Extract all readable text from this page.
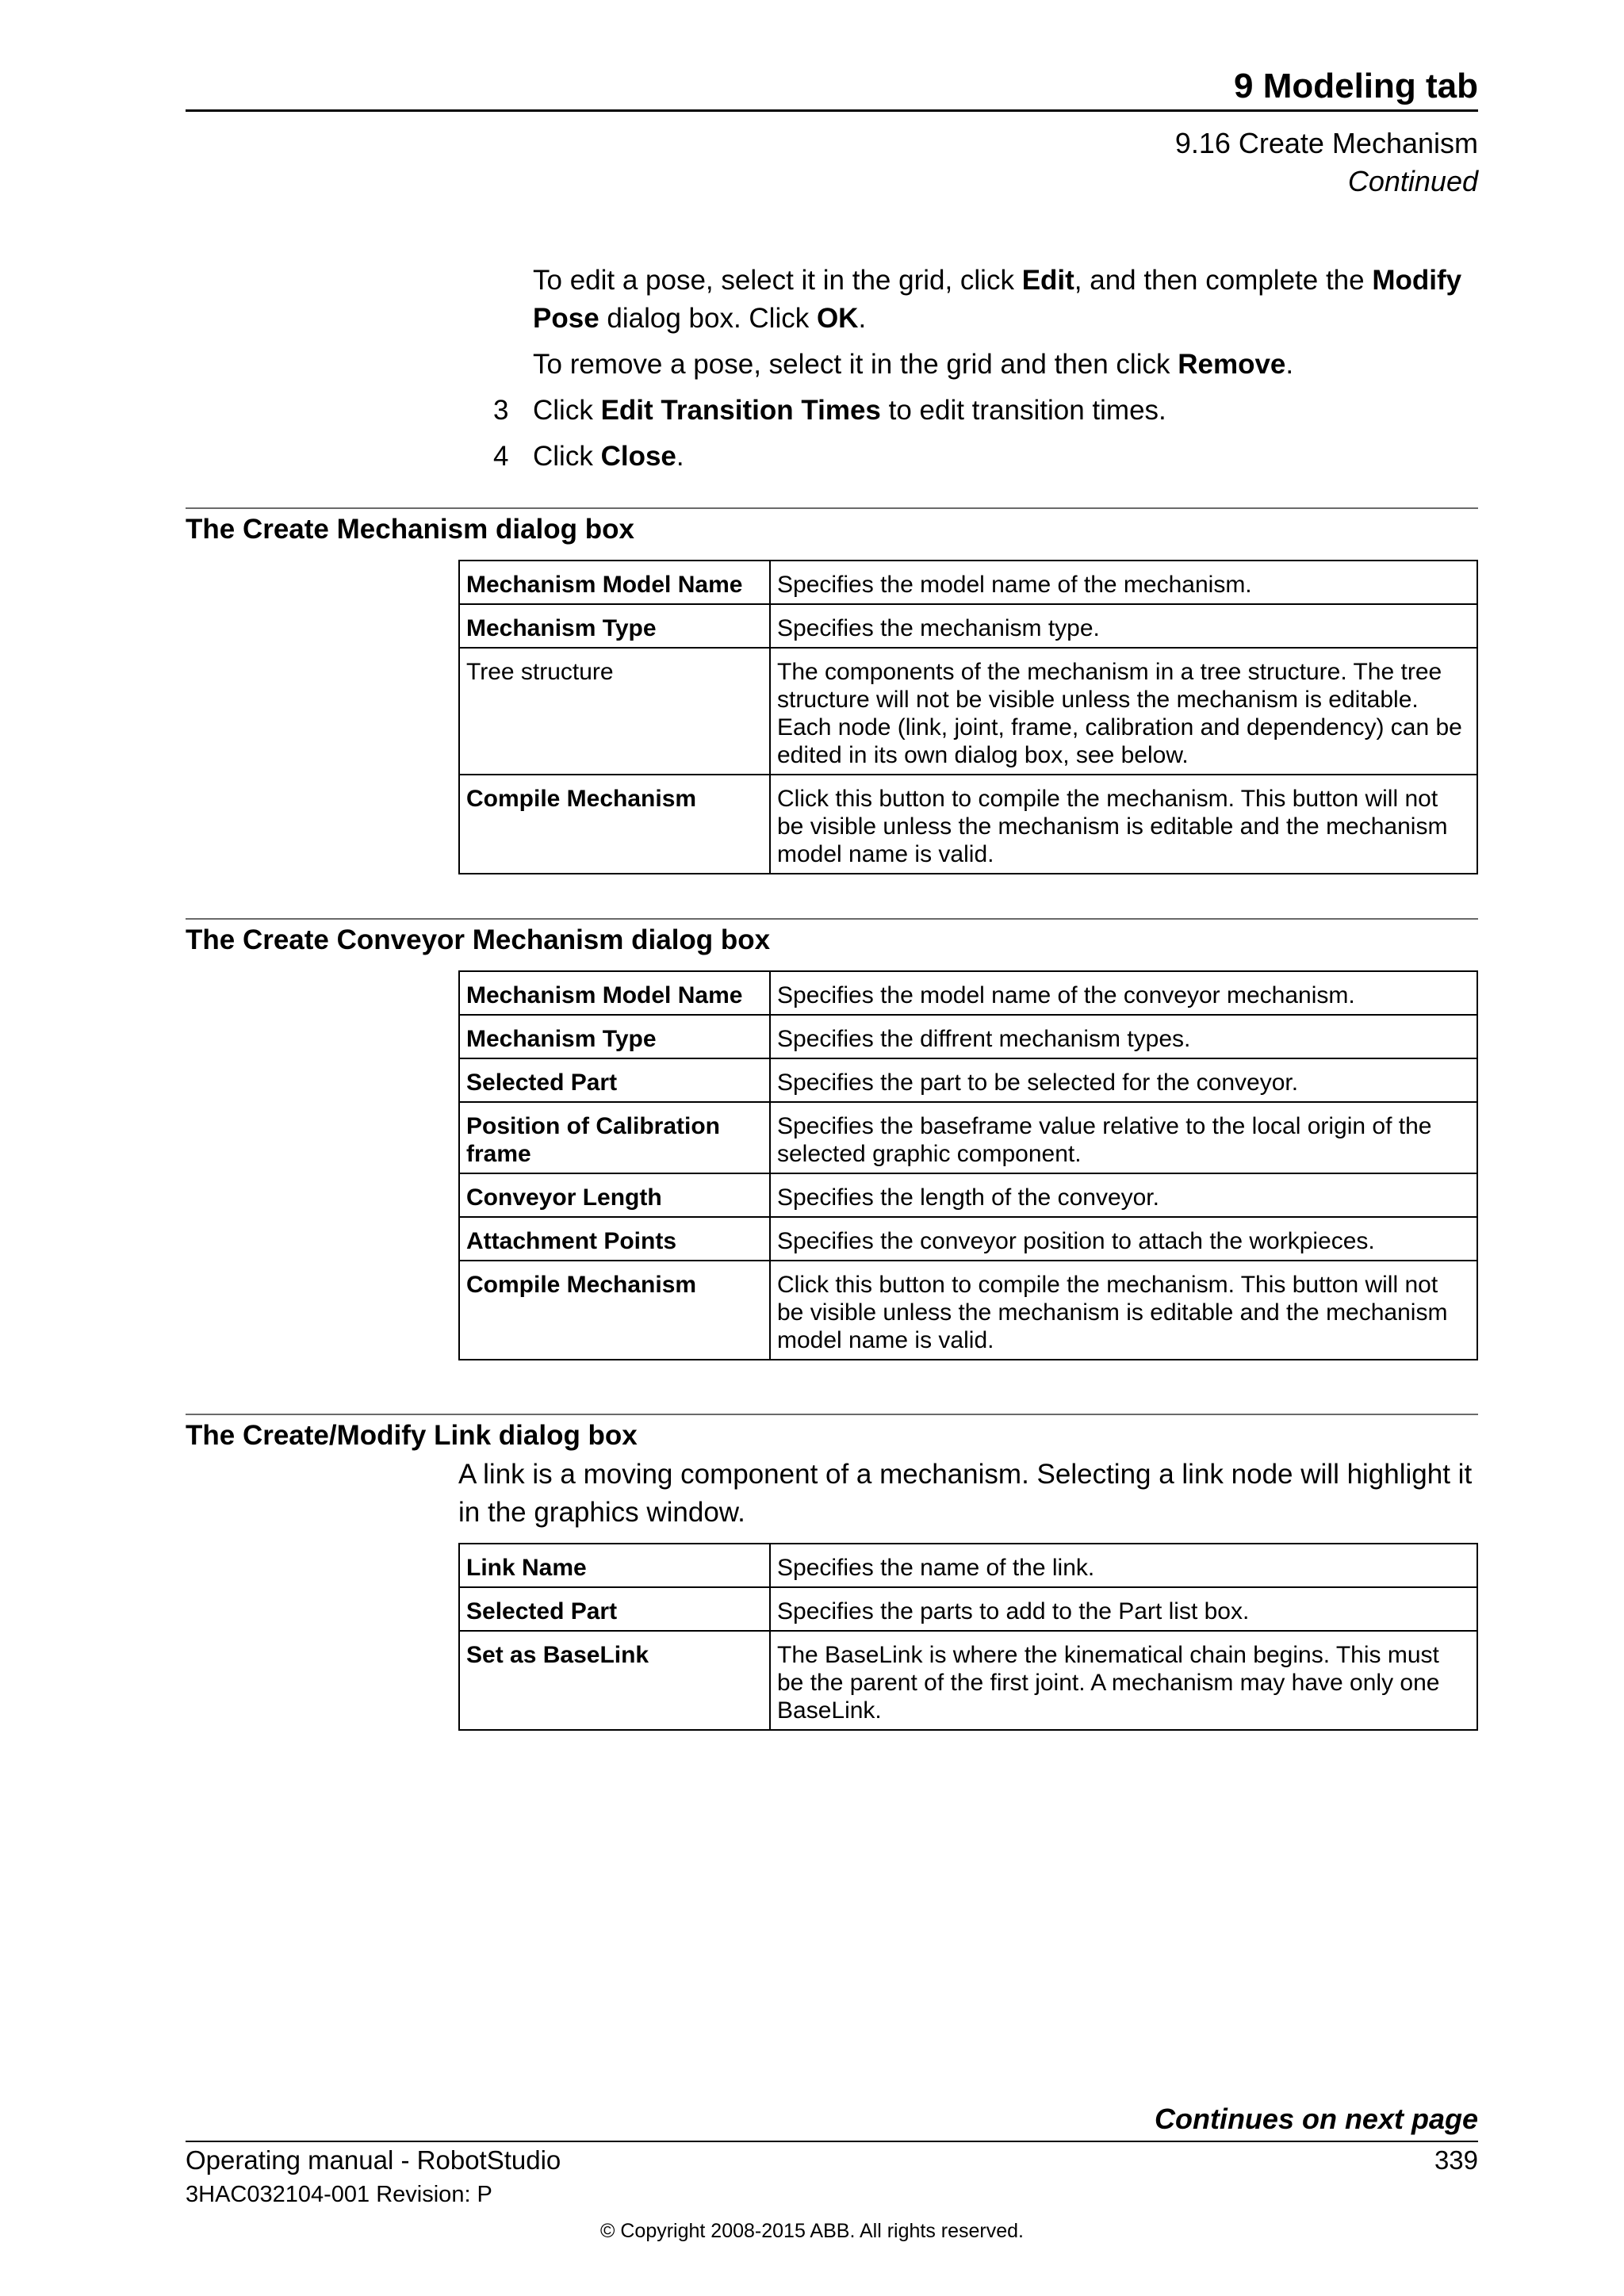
9 Modeling tab
9.16 Create Mechanism
Continued
To edit a pose, select it in the grid, click Edit, and then complete the Modify Pose dialog box. Click OK.
To remove a pose, select it in the grid and then click Remove.
3 Click Edit Transition Times to edit transition times.
4 Click Close.
The Create Mechanism dialog box
Mechanism Model Name	Specifies the model name of the mechanism.
Mechanism Type	Specifies the mechanism type.
Tree structure	The components of the mechanism in a tree structure. The tree structure will not be visible unless the mechanism is editable. Each node (link, joint, frame, calibration and dependency) can be edited in its own dialog box, see below.
Compile Mechanism	Click this button to compile the mechanism. This button will not be visible unless the mechanism is editable and the mechanism model name is valid.
The Create Conveyor Mechanism dialog box
Mechanism Model Name	Specifies the model name of the conveyor mechanism.
Mechanism Type	Specifies the diffrent mechanism types.
Selected Part	Specifies the part to be selected for the conveyor.
Position of Calibration frame	Specifies the baseframe value relative to the local origin of the selected graphic component.
Conveyor Length	Specifies the length of the conveyor.
Attachment Points	Specifies the conveyor position to attach the workpieces.
Compile Mechanism	Click this button to compile the mechanism. This button will not be visible unless the mechanism is editable and the mechanism model name is valid.
The Create/Modify Link dialog box
A link is a moving component of a mechanism. Selecting a link node will highlight it in the graphics window.
Link Name	Specifies the name of the link.
Selected Part	Specifies the parts to add to the Part list box.
Set as BaseLink	The BaseLink is where the kinematical chain begins. This must be the parent of the first joint. A mechanism may have only one BaseLink.
Continues on next page
Operating manual - RobotStudio	339
3HAC032104-001 Revision: P
© Copyright 2008-2015 ABB. All rights reserved.
